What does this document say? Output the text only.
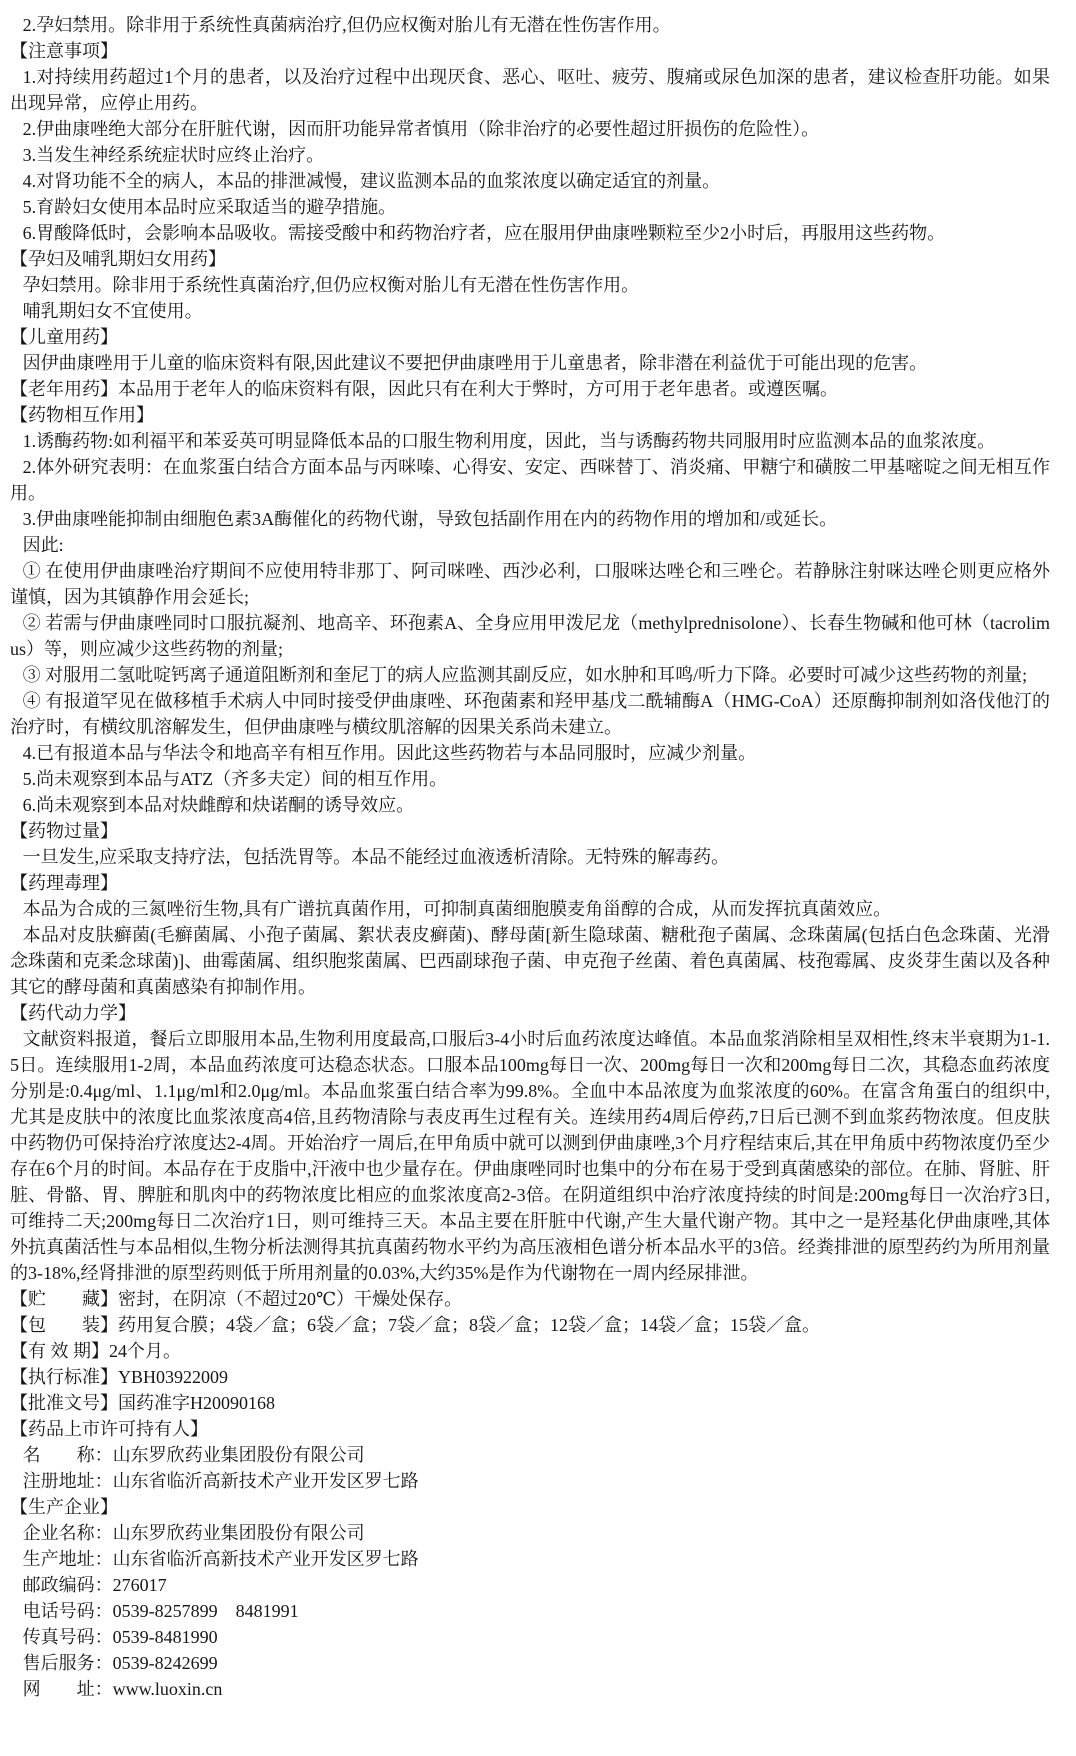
2.孕妇禁用。除非用于系统性真菌病治疗,但仍应权衡对胎儿有无潜在性伤害作用。

【注意事项】

1.对持续用药超过1个月的患者，以及治疗过程中出现厌食、恶心、呕吐、疲劳、腹痛或尿色加深的患者，建议检查肝功能。如果出现异常，应停止用药。

2.伊曲康唑绝大部分在肝脏代谢，因而肝功能异常者慎用（除非治疗的必要性超过肝损伤的危险性）。

3.当发生神经系统症状时应终止治疗。

4.对肾功能不全的病人，本品的排泄减慢，建议监测本品的血浆浓度以确定适宜的剂量。

5.育龄妇女使用本品时应采取适当的避孕措施。

6.胃酸降低时，会影响本品吸收。需接受酸中和药物治疗者，应在服用伊曲康唑颗粒至少2小时后，再服用这些药物。

【孕妇及哺乳期妇女用药】

孕妇禁用。除非用于系统性真菌治疗,但仍应权衡对胎儿有无潜在性伤害作用。

哺乳期妇女不宜使用。

【儿童用药】

因伊曲康唑用于儿童的临床资料有限,因此建议不要把伊曲康唑用于儿童患者，除非潜在利益优于可能出现的危害。

【老年用药】本品用于老年人的临床资料有限，因此只有在利大于弊时，方可用于老年患者。或遵医嘱。

【药物相互作用】

1.诱酶药物:如利福平和苯妥英可明显降低本品的口服生物利用度，因此，当与诱酶药物共同服用时应监测本品的血浆浓度。

2.体外研究表明：在血浆蛋白结合方面本品与丙咪嗪、心得安、安定、西咪替丁、消炎痛、甲糖宁和磺胺二甲基嘧啶之间无相互作用。

3.伊曲康唑能抑制由细胞色素3A酶催化的药物代谢，导致包括副作用在内的药物作用的增加和/或延长。

因此:

① 在使用伊曲康唑治疗期间不应使用特非那丁、阿司咪唑、西沙必利，口服咪达唑仑和三唑仑。若静脉注射咪达唑仑则更应格外谨慎，因为其镇静作用会延长;

② 若需与伊曲康唑同时口服抗凝剂、地高辛、环孢素A、全身应用甲泼尼龙（methylprednisolone）、长春生物碱和他可林（tacrolimus）等，则应减少这些药物的剂量;

③ 对服用二氢吡啶钙离子通道阻断剂和奎尼丁的病人应监测其副反应，如水肿和耳鸣/听力下降。必要时可减少这些药物的剂量;

④ 有报道罕见在做移植手术病人中同时接受伊曲康唑、环孢菌素和羟甲基戊二酰辅酶A（HMG-CoA）还原酶抑制剂如洛伐他汀的治疗时，有横纹肌溶解发生，但伊曲康唑与横纹肌溶解的因果关系尚未建立。

4.已有报道本品与华法令和地高辛有相互作用。因此这些药物若与本品同服时，应减少剂量。

5.尚未观察到本品与ATZ（齐多夫定）间的相互作用。

6.尚未观察到本品对炔雌醇和炔诺酮的诱导效应。

【药物过量】

一旦发生,应采取支持疗法，包括洗胃等。本品不能经过血液透析清除。无特殊的解毒药。

【药理毒理】

本品为合成的三氮唑衍生物,具有广谱抗真菌作用，可抑制真菌细胞膜麦角甾醇的合成，从而发挥抗真菌效应。

本品对皮肤癣菌(毛癣菌属、小孢子菌属、絮状表皮癣菌)、酵母菌[新生隐球菌、糖秕孢子菌属、念珠菌属(包括白色念珠菌、光滑念珠菌和克柔念球菌)]、曲霉菌属、组织胞浆菌属、巴西副球孢子菌、申克孢子丝菌、着色真菌属、枝孢霉属、皮炎芽生菌以及各种其它的酵母菌和真菌感染有抑制作用。

【药代动力学】

文献资料报道，餐后立即服用本品,生物利用度最高,口服后3-4小时后血药浓度达峰值。本品血浆消除相呈双相性,终末半衰期为1-1.5日。连续服用1-2周，本品血药浓度可达稳态状态。口服本品100mg每日一次、200mg每日一次和200mg每日二次，其稳态血药浓度分别是:0.4μg/ml、1.1μg/ml和2.0μg/ml。本品血浆蛋白结合率为99.8%。全血中本品浓度为血浆浓度的60%。在富含角蛋白的组织中,尤其是皮肤中的浓度比血浆浓度高4倍,且药物清除与表皮再生过程有关。连续用药4周后停药,7日后已测不到血浆药物浓度。但皮肤中药物仍可保持治疗浓度达2-4周。开始治疗一周后,在甲角质中就可以测到伊曲康唑,3个月疗程结束后,其在甲角质中药物浓度仍至少存在6个月的时间。本品存在于皮脂中,汗液中也少量存在。伊曲康唑同时也集中的分布在易于受到真菌感染的部位。在肺、肾脏、肝脏、骨骼、胃、脾脏和肌肉中的药物浓度比相应的血浆浓度高2-3倍。在阴道组织中治疗浓度持续的时间是:200mg每日一次治疗3日,可维持二天;200mg每日二次治疗1日，则可维持三天。本品主要在肝脏中代谢,产生大量代谢产物。其中之一是羟基化伊曲康唑,其体外抗真菌活性与本品相似,生物分析法测得其抗真菌药物水平约为高压液相色谱分析本品水平的3倍。经粪排泄的原型药约为所用剂量的3-18%,经肾排泄的原型药则低于所用剂量的0.03%,大约35%是作为代谢物在一周内经尿排泄。

【贮　　藏】密封，在阴凉（不超过20℃）干燥处保存。

【包　　装】药用复合膜；4袋／盒；6袋／盒；7袋／盒；8袋／盒；12袋／盒；14袋／盒；15袋／盒。

【有 效 期】24个月。

【执行标准】YBH03922009

【批准文号】国药准字H20090168

【药品上市许可持有人】

名　　称：山东罗欣药业集团股份有限公司

注册地址：山东省临沂高新技术产业开发区罗七路

【生产企业】

企业名称：山东罗欣药业集团股份有限公司

生产地址：山东省临沂高新技术产业开发区罗七路

邮政编码：276017

电话号码：0539-8257899    8481991

传真号码：0539-8481990

售后服务：0539-8242699

网　　址：www.luoxin.cn
